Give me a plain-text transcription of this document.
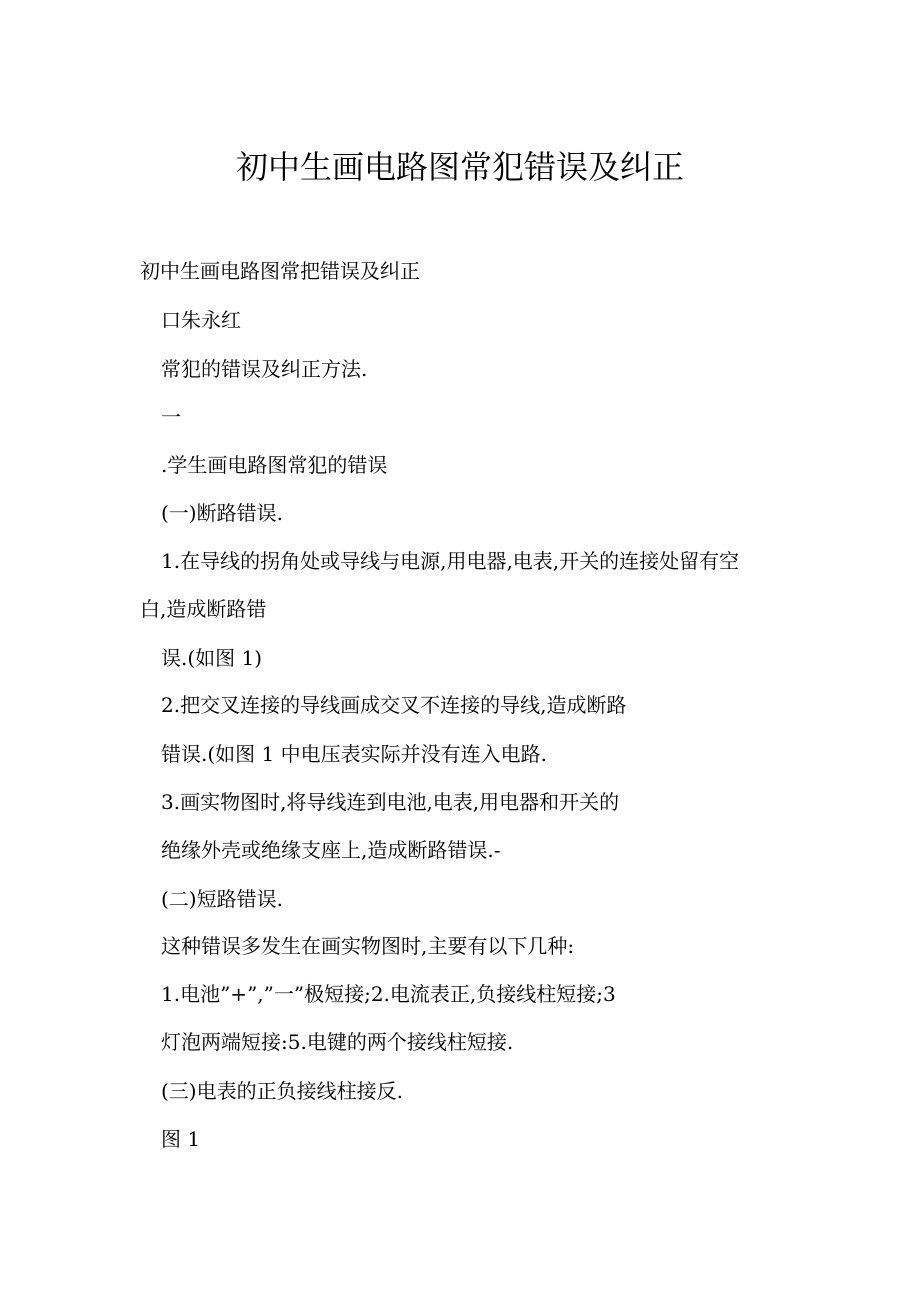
初中生画电路图常犯错误及纠正

初中生画电路图常把错误及纠正

口朱永红

常犯的错误及纠正方法.

一

.学生画电路图常犯的错误

(一)断路错误.

1.在导线的拐角处或导线与电源,用电器,电表,开关的连接处留有空

白,造成断路错

误.(如图 1)

2.把交叉连接的导线画成交叉不连接的导线,造成断路

错误.(如图 1 中电压表实际并没有连入电路.

3.画实物图时,将导线连到电池,电表,用电器和开关的

绝缘外壳或绝缘支座上,造成断路错误.-

(二)短路错误.

这种错误多发生在画实物图时,主要有以下几种:

1.电池”+”,”一”极短接;2.电流表正,负接线柱短接;3

灯泡两端短接:5.电键的两个接线柱短接.

(三)电表的正负接线柱接反.

图 1
